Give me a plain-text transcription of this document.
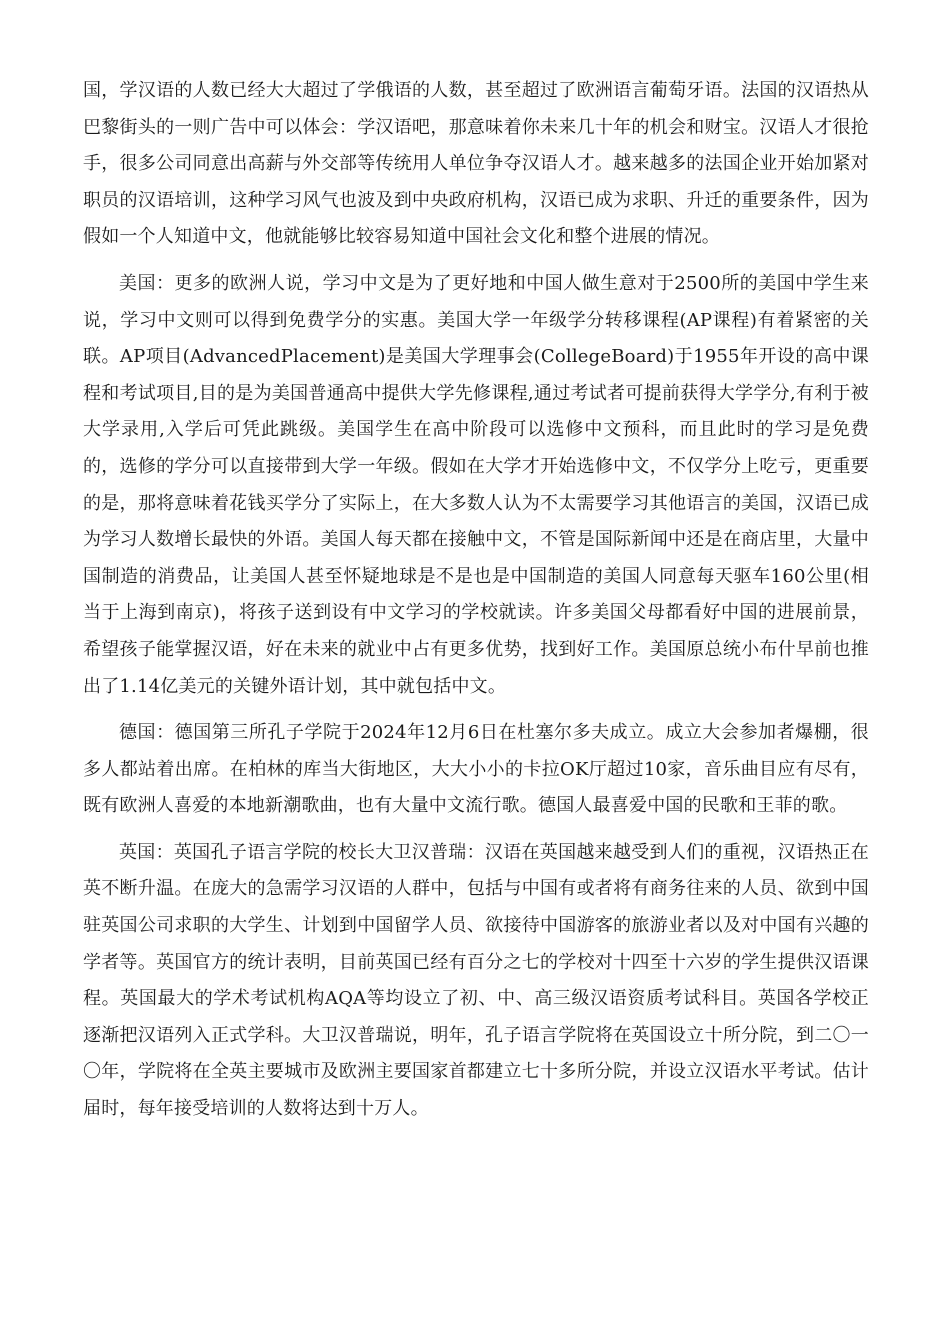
国，学汉语的人数已经大大超过了学俄语的人数，甚至超过了欧洲语言葡萄牙语。法国的汉语热从巴黎街头的一则广告中可以体会：学汉语吧，那意味着你未来几十年的机会和财宝。汉语人才很抢手，很多公司同意出高薪与外交部等传统用人单位争夺汉语人才。越来越多的法国企业开始加紧对职员的汉语培训，这种学习风气也波及到中央政府机构，汉语已成为求职、升迁的重要条件，因为假如一个人知道中文，他就能够比较容易知道中国社会文化和整个进展的情况。

美国：更多的欧洲人说，学习中文是为了更好地和中国人做生意对于2500所的美国中学生来说，学习中文则可以得到免费学分的实惠。美国大学一年级学分转移课程(AP课程)有着紧密的关联。AP项目(AdvancedPlacement)是美国大学理事会(CollegeBoard)于1955年开设的高中课程和考试项目,目的是为美国普通高中提供大学先修课程,通过考试者可提前获得大学学分,有利于被大学录用,入学后可凭此跳级。美国学生在高中阶段可以选修中文预科，而且此时的学习是免费的，选修的学分可以直接带到大学一年级。假如在大学才开始选修中文，不仅学分上吃亏，更重要的是，那将意味着花钱买学分了实际上，在大多数人认为不太需要学习其他语言的美国，汉语已成为学习人数增长最快的外语。美国人每天都在接触中文，不管是国际新闻中还是在商店里，大量中国制造的消费品，让美国人甚至怀疑地球是不是也是中国制造的美国人同意每天驱车160公里(相当于上海到南京)，将孩子送到设有中文学习的学校就读。许多美国父母都看好中国的进展前景，希望孩子能掌握汉语，好在未来的就业中占有更多优势，找到好工作。美国原总统小布什早前也推出了1.14亿美元的关键外语计划，其中就包括中文。

德国：德国第三所孔子学院于2024年12月6日在杜塞尔多夫成立。成立大会参加者爆棚，很多人都站着出席。在柏林的库当大街地区，大大小小的卡拉OK厅超过10家，音乐曲目应有尽有，既有欧洲人喜爱的本地新潮歌曲，也有大量中文流行歌。德国人最喜爱中国的民歌和王菲的歌。

英国：英国孔子语言学院的校长大卫汉普瑞：汉语在英国越来越受到人们的重视，汉语热正在英不断升温。在庞大的急需学习汉语的人群中，包括与中国有或者将有商务往来的人员、欲到中国驻英国公司求职的大学生、计划到中国留学人员、欲接待中国游客的旅游业者以及对中国有兴趣的学者等。英国官方的统计表明，目前英国已经有百分之七的学校对十四至十六岁的学生提供汉语课程。英国最大的学术考试机构AQA等均设立了初、中、高三级汉语资质考试科目。英国各学校正逐渐把汉语列入正式学科。大卫汉普瑞说，明年，孔子语言学院将在英国设立十所分院，到二〇一〇年，学院将在全英主要城市及欧洲主要国家首都建立七十多所分院，并设立汉语水平考试。估计届时，每年接受培训的人数将达到十万人。
